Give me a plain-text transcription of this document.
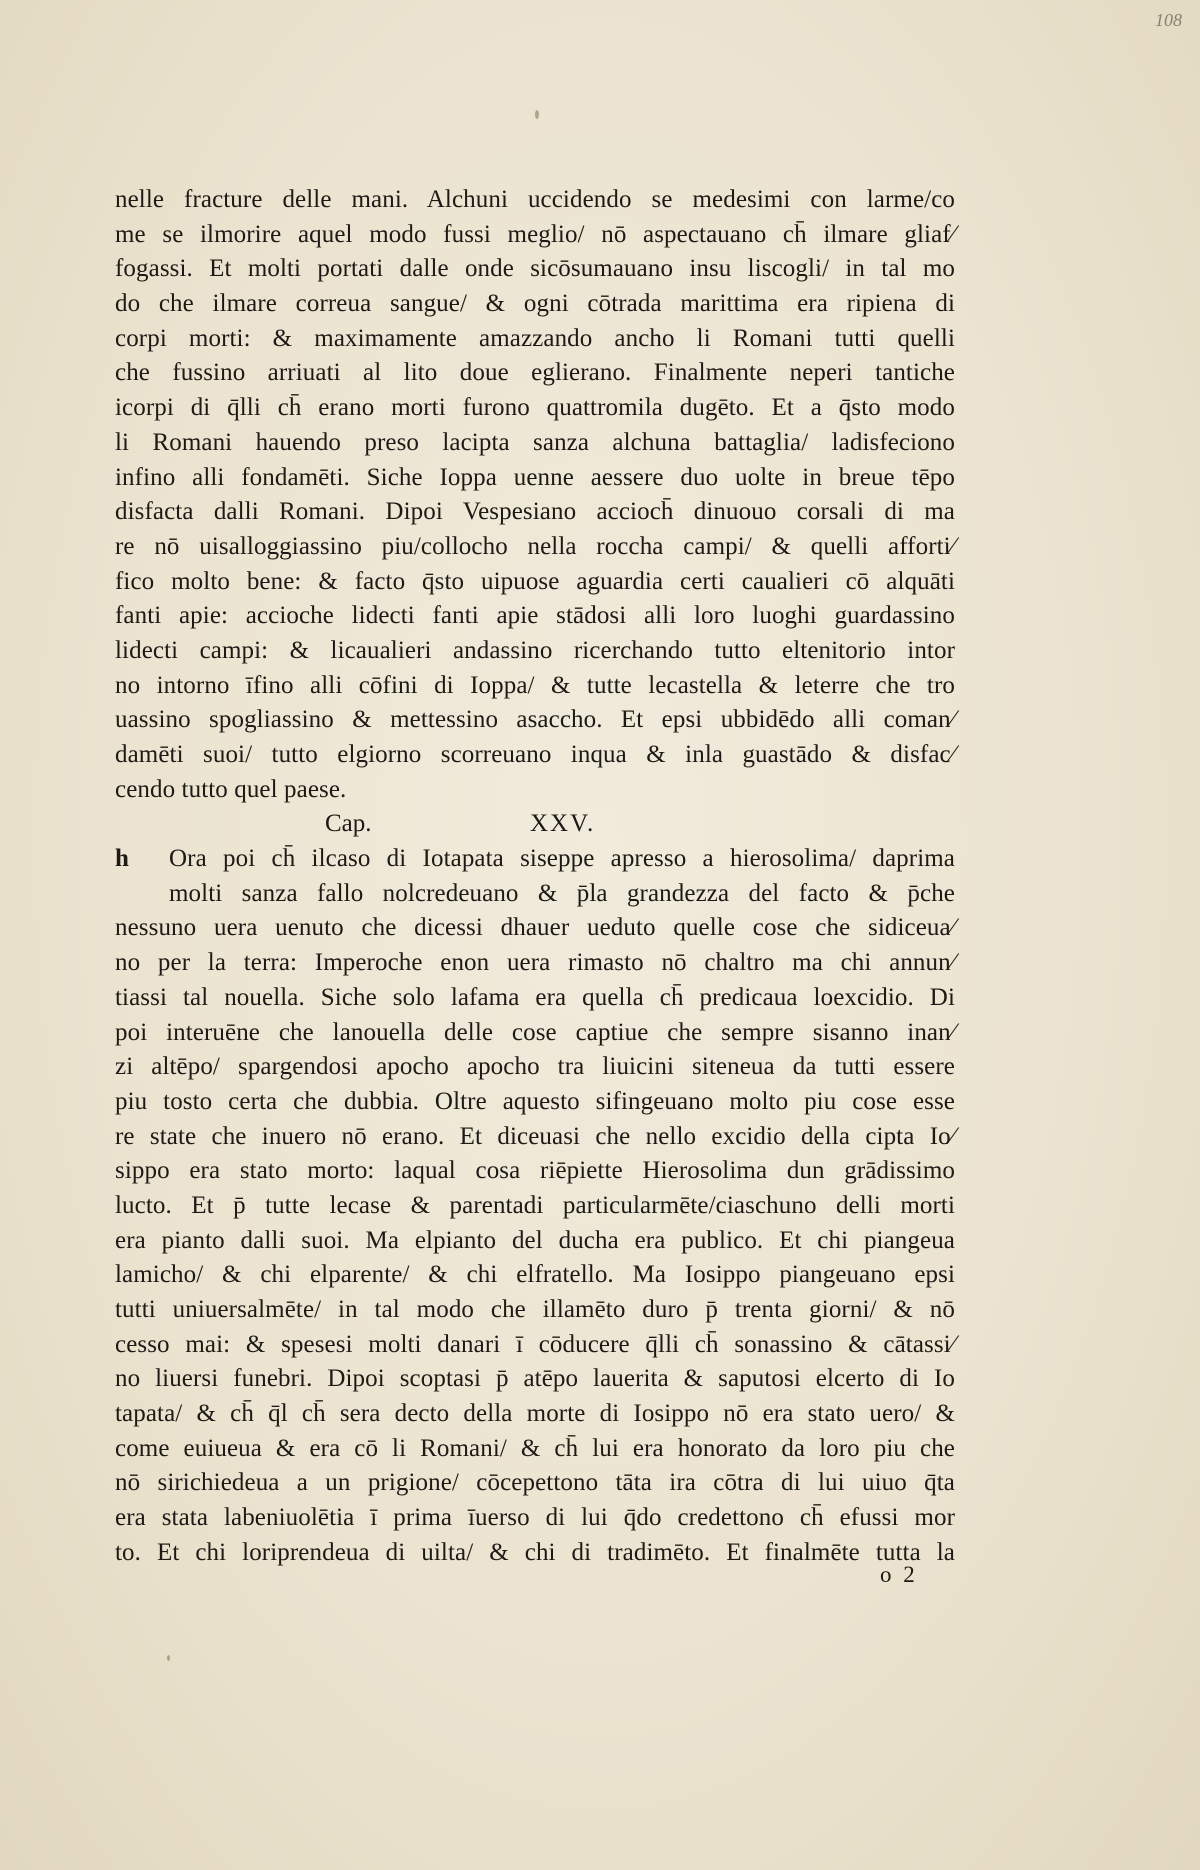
108
nelle fracture delle mani. Alchuni uccidendo se medesimi con larme/co
me se ilmorire aquel modo fussi meglio/ nō aspectauano ch̄ ilmare gliaf⁄
fogassi. Et molti portati dalle onde sicōsumauano insu liscogli/ in tal mo
do che ilmare correua sangue/ & ogni cōtrada marittima era ripiena di
corpi morti: & maximamente amazzando ancho li Romani tutti quelli
che fussino arriuati al lito doue eglierano. Finalmente neperi tantiche
icorpi di q̄lli ch̄ erano morti furono quattromila dugēto. Et a q̄sto modo
li Romani hauendo preso lacipta sanza alchuna battaglia/ ladisfeciono
infino alli fondamēti. Siche Ioppa uenne aessere duo uolte in breue tēpo
disfacta dalli Romani. Dipoi Vespesiano accioch̄ dinuouo corsali di ma
re nō uisalloggiassino piu/collocho nella roccha campi/ & quelli afforti⁄
fico molto bene: & facto q̄sto uipuose aguardia certi caualieri cō alquāti
fanti apie: accioche lidecti fanti apie stādosi alli loro luoghi guardassino
lidecti campi: & licaualieri andassino ricerchando tutto eltenitorio intor
no intorno īfino alli cōfini di Ioppa/ & tutte lecastella & leterre che tro
uassino spogliassino & mettessino asaccho. Et epsi ubbidēdo alli coman⁄
damēti suoi/ tutto elgiorno scorreuano inqua & inla guastādo & disfac⁄
cendo tutto quel paese.
Cap.	XXV.
h	Ora poi ch̄ ilcaso di Iotapata siseppe apresso a hierosolima/ daprima
molti sanza fallo nolcredeuano & p̄la grandezza del facto & p̄che
nessuno uera uenuto che dicessi dhauer ueduto quelle cose che sidiceua⁄
no per la terra: Imperoche enon uera rimasto nō chaltro ma chi annun⁄
tiassi tal nouella. Siche solo lafama era quella ch̄ predicaua loexcidio. Di
poi interuēne che lanouella delle cose captiue che sempre sisanno inan⁄
zi altēpo/ spargendosi apocho apocho tra liuicini siteneua da tutti essere
piu tosto certa che dubbia. Oltre aquesto sifingeuano molto piu cose esse
re state che inuero nō erano. Et diceuasi che nello excidio della cipta Io⁄
sippo era stato morto: laqual cosa riēpiette Hierosolima dun grādissimo
lucto. Et p̄ tutte lecase & parentadi particularmēte/ciaschuno delli morti
era pianto dalli suoi. Ma elpianto del ducha era publico. Et chi piangeua
lamicho/ & chi elparente/ & chi elfratello. Ma Iosippo piangeuano epsi
tutti uniuersalmēte/ in tal modo che illamēto duro p̄ trenta giorni/ & nō
cesso mai: & spesesi molti danari ī cōducere q̄lli ch̄ sonassino & cātassi⁄
no liuersi funebri. Dipoi scoptasi p̄ atēpo lauerita & saputosi elcerto di Io
tapata/ & ch̄ q̄l ch̄ sera decto della morte di Iosippo nō era stato uero/ &
come euiueua & era cō li Romani/ & ch̄ lui era honorato da loro piu che
nō sirichiedeua a un prigione/ cōcepettono tāta ira cōtra di lui uiuo q̄ta
era stata labeniuolētia ī prima īuerso di lui q̄do credettono ch̄ efussi mor
to. Et chi loriprendeua di uilta/ & chi di tradimēto. Et finalmēte tutta la
o 2
